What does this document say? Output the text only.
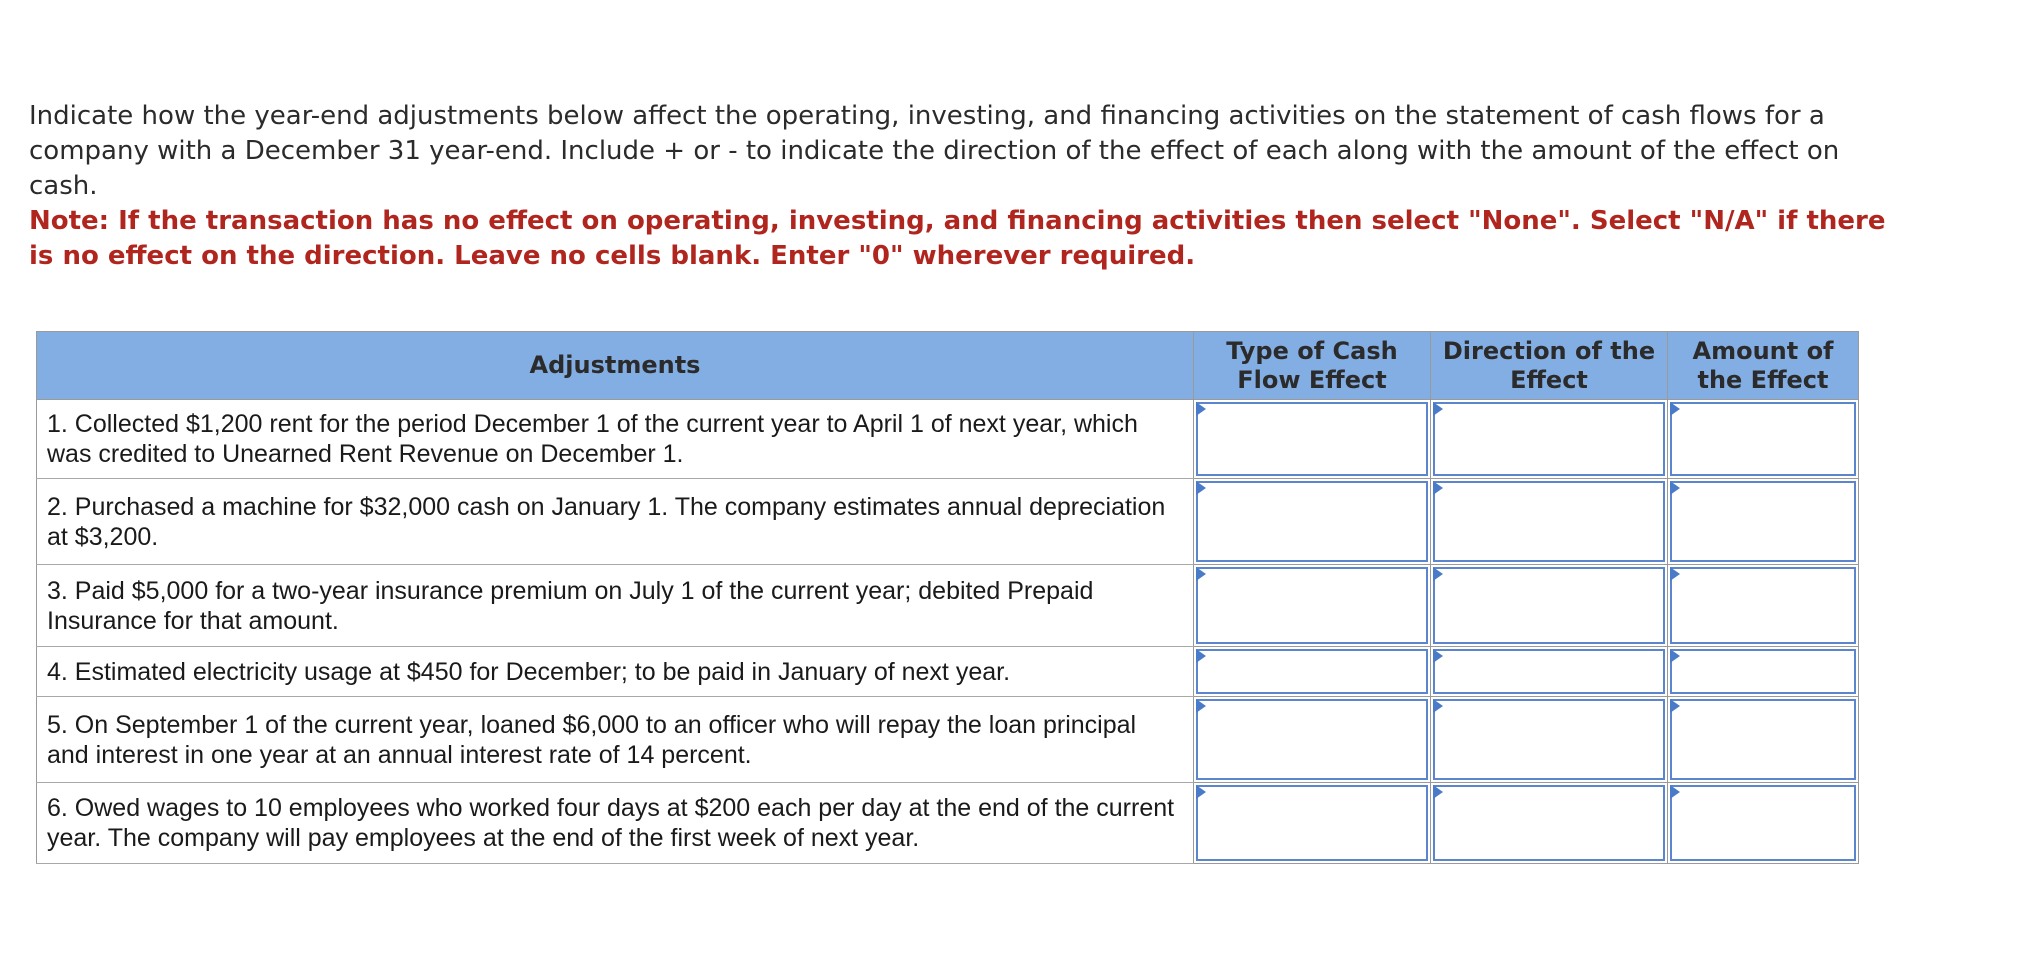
Indicate how the year-end adjustments below affect the operating, investing, and financing activities on the statement of cash flows for a company with a December 31 year-end. Include + or - to indicate the direction of the effect of each along with the amount of the effect on cash.

Note: If the transaction has no effect on operating, investing, and financing activities then select "None". Select "N/A" if there is no effect on the direction. Leave no cells blank. Enter "0" wherever required.

Adjustments	Type of Cash Flow Effect	Direction of the Effect	Amount of the Effect
1. Collected $1,200 rent for the period December 1 of the current year to April 1 of next year, which was credited to Unearned Rent Revenue on December 1.	

2. Purchased a machine for $32,000 cash on January 1. The company estimates annual depreciation at $3,200.	

3. Paid $5,000 for a two-year insurance premium on July 1 of the current year; debited Prepaid Insurance for that amount.	

4. Estimated electricity usage at $450 for December; to be paid in January of next year.	

5. On September 1 of the current year, loaned $6,000 to an officer who will repay the loan principal and interest in one year at an annual interest rate of 14 percent.	

6. Owed wages to 10 employees who worked four days at $200 each per day at the end of the current year. The company will pay employees at the end of the first week of next year.	
